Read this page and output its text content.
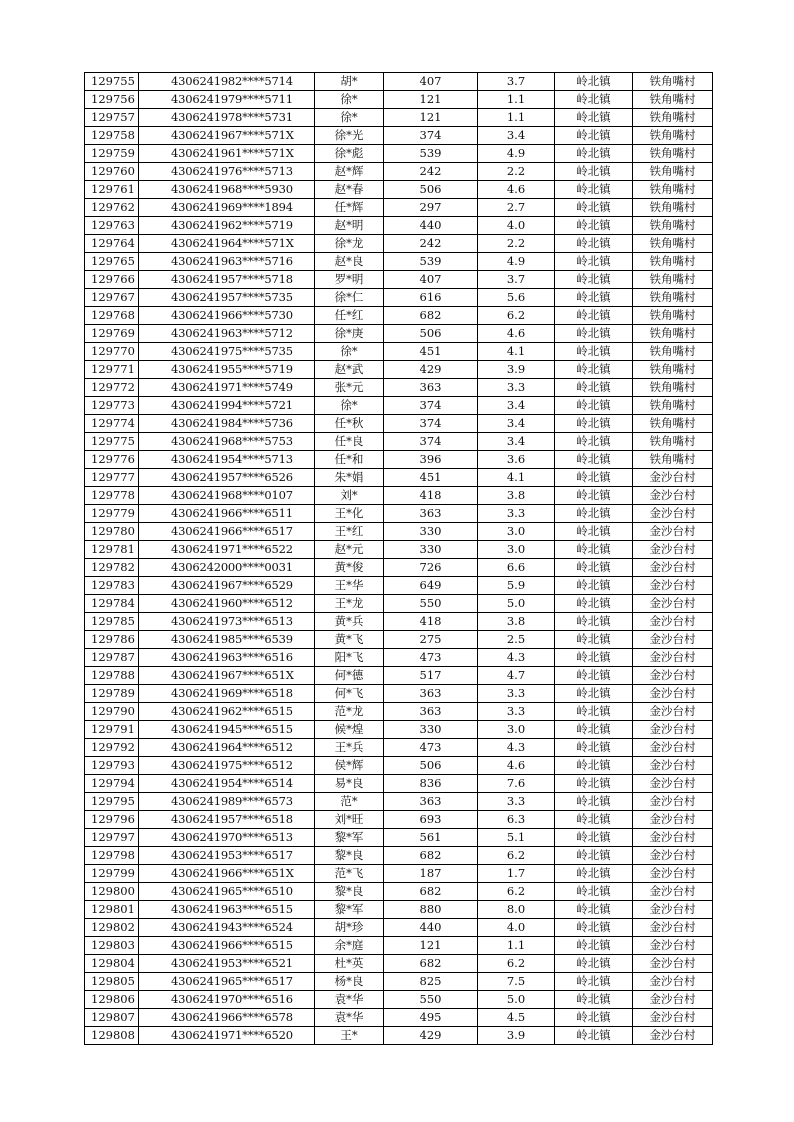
129755	4306241982****5714	胡*	407	3.7	岭北镇	铁角嘴村
129756	4306241979****5711	徐*	121	1.1	岭北镇	铁角嘴村
129757	4306241978****5731	徐*	121	1.1	岭北镇	铁角嘴村
129758	4306241967****571X	徐*光	374	3.4	岭北镇	铁角嘴村
129759	4306241961****571X	徐*彪	539	4.9	岭北镇	铁角嘴村
129760	4306241976****5713	赵*辉	242	2.2	岭北镇	铁角嘴村
129761	4306241968****5930	赵*春	506	4.6	岭北镇	铁角嘴村
129762	4306241969****1894	任*辉	297	2.7	岭北镇	铁角嘴村
129763	4306241962****5719	赵*明	440	4.0	岭北镇	铁角嘴村
129764	4306241964****571X	徐*龙	242	2.2	岭北镇	铁角嘴村
129765	4306241963****5716	赵*良	539	4.9	岭北镇	铁角嘴村
129766	4306241957****5718	罗*明	407	3.7	岭北镇	铁角嘴村
129767	4306241957****5735	徐*仁	616	5.6	岭北镇	铁角嘴村
129768	4306241966****5730	任*红	682	6.2	岭北镇	铁角嘴村
129769	4306241963****5712	徐*庚	506	4.6	岭北镇	铁角嘴村
129770	4306241975****5735	徐*	451	4.1	岭北镇	铁角嘴村
129771	4306241955****5719	赵*武	429	3.9	岭北镇	铁角嘴村
129772	4306241971****5749	张*元	363	3.3	岭北镇	铁角嘴村
129773	4306241994****5721	徐*	374	3.4	岭北镇	铁角嘴村
129774	4306241984****5736	任*秋	374	3.4	岭北镇	铁角嘴村
129775	4306241968****5753	任*良	374	3.4	岭北镇	铁角嘴村
129776	4306241954****5713	任*和	396	3.6	岭北镇	铁角嘴村
129777	4306241957****6526	朱*娟	451	4.1	岭北镇	金沙台村
129778	4306241968****0107	刘*	418	3.8	岭北镇	金沙台村
129779	4306241966****6511	王*化	363	3.3	岭北镇	金沙台村
129780	4306241966****6517	王*红	330	3.0	岭北镇	金沙台村
129781	4306241971****6522	赵*元	330	3.0	岭北镇	金沙台村
129782	4306242000****0031	黄*俊	726	6.6	岭北镇	金沙台村
129783	4306241967****6529	王*华	649	5.9	岭北镇	金沙台村
129784	4306241960****6512	王*龙	550	5.0	岭北镇	金沙台村
129785	4306241973****6513	黄*兵	418	3.8	岭北镇	金沙台村
129786	4306241985****6539	黄*飞	275	2.5	岭北镇	金沙台村
129787	4306241963****6516	阳*飞	473	4.3	岭北镇	金沙台村
129788	4306241967****651X	何*德	517	4.7	岭北镇	金沙台村
129789	4306241969****6518	何*飞	363	3.3	岭北镇	金沙台村
129790	4306241962****6515	范*龙	363	3.3	岭北镇	金沙台村
129791	4306241945****6515	候*煌	330	3.0	岭北镇	金沙台村
129792	4306241964****6512	王*兵	473	4.3	岭北镇	金沙台村
129793	4306241975****6512	侯*辉	506	4.6	岭北镇	金沙台村
129794	4306241954****6514	易*良	836	7.6	岭北镇	金沙台村
129795	4306241989****6573	范*	363	3.3	岭北镇	金沙台村
129796	4306241957****6518	刘*旺	693	6.3	岭北镇	金沙台村
129797	4306241970****6513	黎*军	561	5.1	岭北镇	金沙台村
129798	4306241953****6517	黎*良	682	6.2	岭北镇	金沙台村
129799	4306241966****651X	范*飞	187	1.7	岭北镇	金沙台村
129800	4306241965****6510	黎*良	682	6.2	岭北镇	金沙台村
129801	4306241963****6515	黎*军	880	8.0	岭北镇	金沙台村
129802	4306241943****6524	胡*珍	440	4.0	岭北镇	金沙台村
129803	4306241966****6515	余*庭	121	1.1	岭北镇	金沙台村
129804	4306241953****6521	杜*英	682	6.2	岭北镇	金沙台村
129805	4306241965****6517	杨*良	825	7.5	岭北镇	金沙台村
129806	4306241970****6516	袁*华	550	5.0	岭北镇	金沙台村
129807	4306241966****6578	袁*华	495	4.5	岭北镇	金沙台村
129808	4306241971****6520	王*	429	3.9	岭北镇	金沙台村
